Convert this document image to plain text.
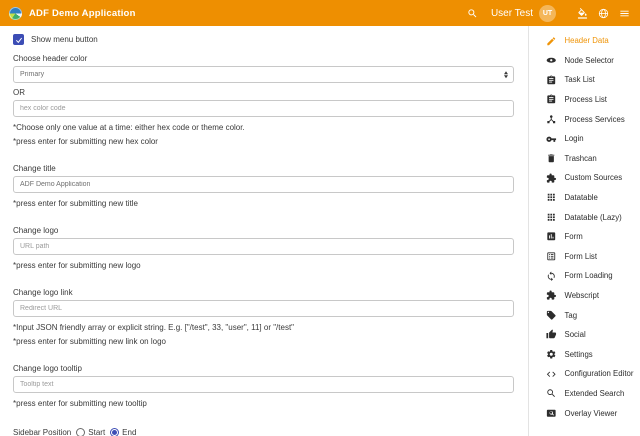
ADF Demo Application	User Test	UT
Show menu button
Choose header color
Primary
OR
hex color code
*Choose only one value at a time: either hex code or theme color.
*press enter for submitting new hex color
Change title
ADF Demo Application
*press enter for submitting new title
Change logo
URL path
*press enter for submitting new logo
Change logo link
Redirect URL
*Input JSON friendly array or explicit string. E.g. ["/test", 33, "user", 11] or "/test"
*press enter for submitting new link on logo
Change logo tooltip
Tooltip text
*press enter for submitting new tooltip
Sidebar Position Start End
Header Data
Node Selector
Task List
Process List
Process Services
Login
Trashcan
Custom Sources
Datatable
Datatable (Lazy)
Form
Form List
Form Loading
Webscript
Tag
Social
Settings
Configuration Editor
Extended Search
Overlay Viewer
